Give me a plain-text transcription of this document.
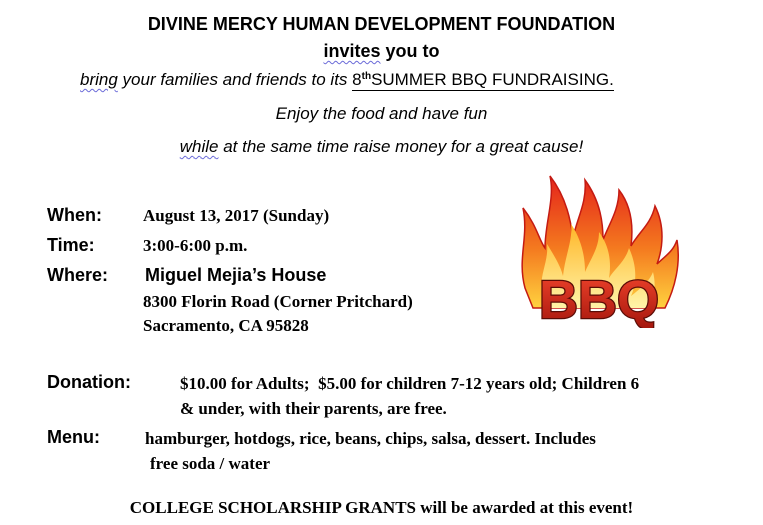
DIVINE MERCY HUMAN DEVELOPMENT FOUNDATION
invites you to
bring your families and friends to its 8thSUMMER BBQ FUNDRAISING.
Enjoy the food and have fun
while at the same time raise money for a great cause!
When: August 13, 2017 (Sunday)
Time:	3:00-6:00 p.m.
Where: Miguel Mejia’s House
8300 Florin Road (Corner Pritchard)
Sacramento, CA 95828
Donation:	$10.00 for Adults; $5.00 for children 7-12 years old; Children 6
& under, with their parents, are free.
Menu:	hamburger, hotdogs, rice, beans, chips, salsa, dessert. Includes
free soda / water
COLLEGE SCHOLARSHIP GRANTS will be awarded at this event!
BBQ
